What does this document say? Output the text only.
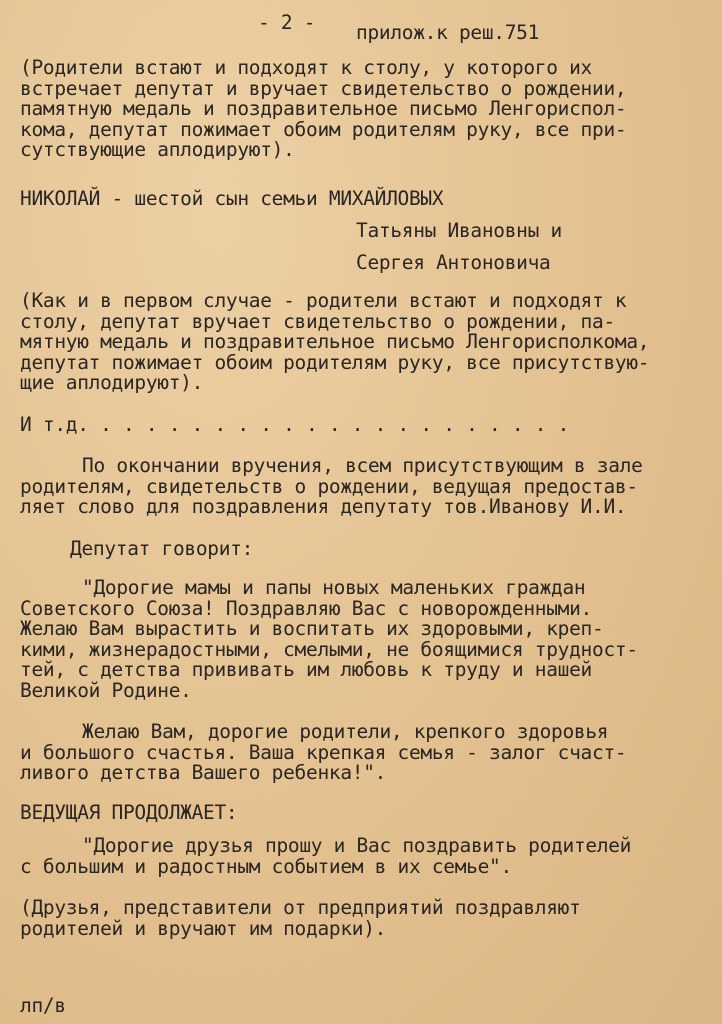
- 2 - прилож.к реш.751
(Родители встают и подходят к столу, у которого их
встречает депутат и вручает свидетельство о рождении,
памятную медаль и поздравительное письмо Ленгориспол-
кома, депутат пожимает обоим родителям руку, все при-
сутствующие аплодируют).
НИКОЛАЙ - шестой сын семьи МИХАЙЛОВЫХ
Татьяны Ивановны и
Сергея Антоновича
(Как и в первом случае - родители встают и подходят к
столу, депутат вручает свидетельство о рождении, па-
мятную медаль и поздравительное письмо Ленгорисполкома,
депутат пожимает обоим родителям руку, все присутствую-
щие аплодируют).
И т.д. . . . . . . . . . . . . . . . . . . . . .
По окончании вручения, всем присутствующим в зале
родителям, свидетельств о рождении, ведущая предостав-
ляет слово для поздравления депутату тов.Иванову И.И.
Депутат говорит:
"Дорогие мамы и папы новых маленьких граждан
Советского Союза! Поздравляю Вас с новорожденными.
Желаю Вам вырастить и воспитать их здоровыми, креп-
кими, жизнерадостными, смелыми, не боящимися трудност-
тей, с детства прививать им любовь к труду и нашей
Великой Родине.
Желаю Вам, дорогие родители, крепкого здоровья
и большого счастья. Ваша крепкая семья - залог счаст-
ливого детства Вашего ребенка!".
ВЕДУЩАЯ ПРОДОЛЖАЕТ:
"Дорогие друзья прошу и Вас поздравить родителей
с большим и радостным событием в их семье".
(Друзья, представители от предприятий поздравляют
родителей и вручают им подарки).
лп/в
